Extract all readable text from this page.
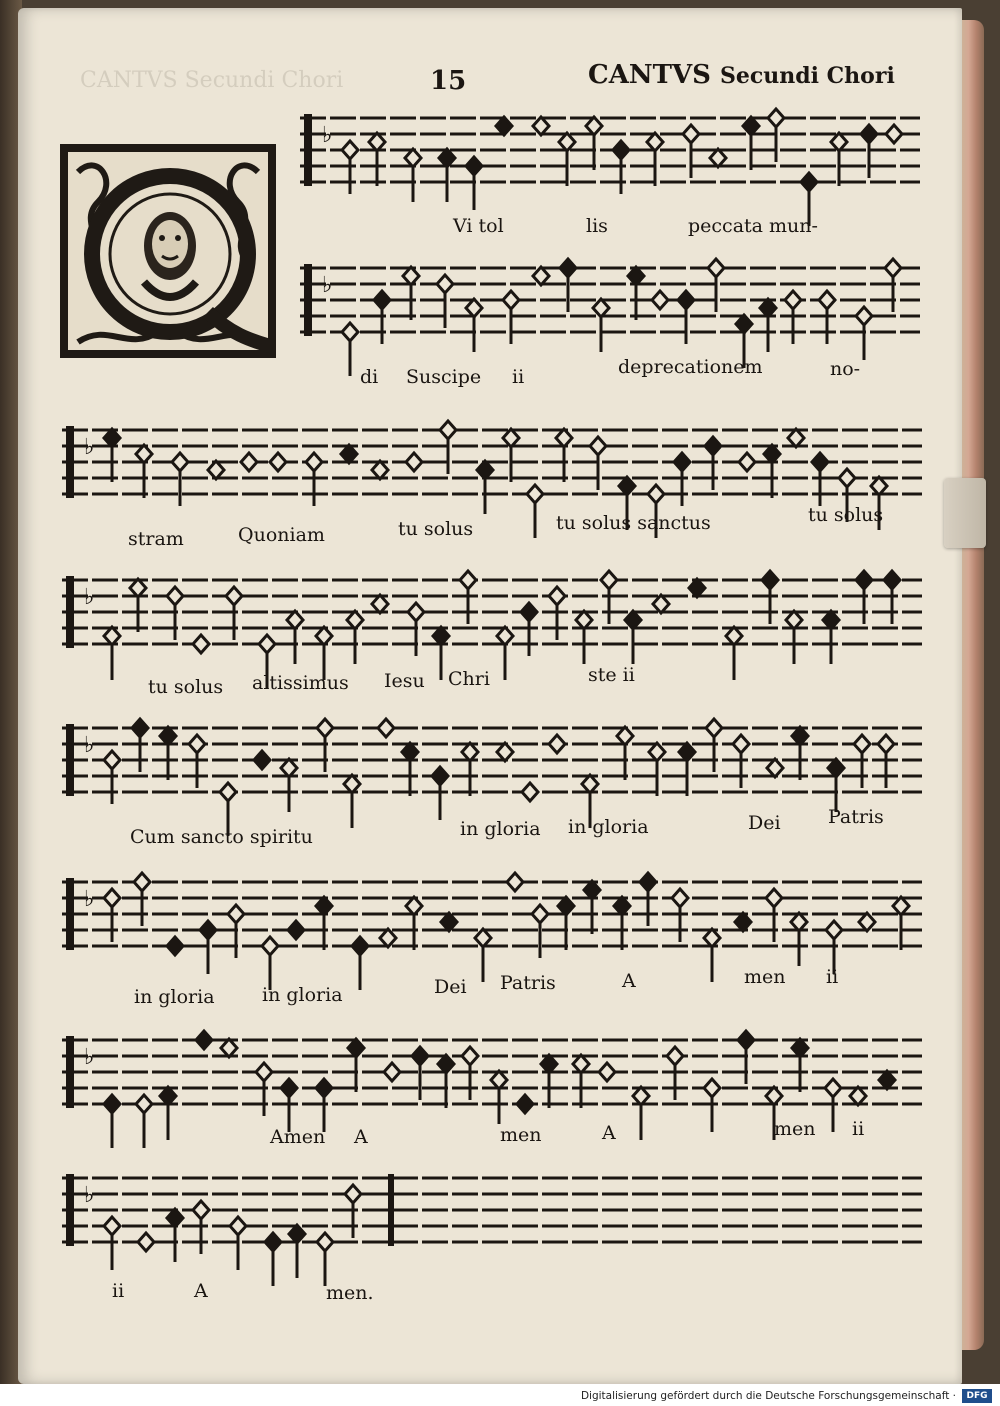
CANTVS Secundi Chori	15	CANTVS Secundi Chori
♭
♭
♭
♭
♭
♭
♭
♭
Vi tol	lis	peccata mun-
di Suscipe ii	deprecationem	no-
stram	Quoniam	tu solus	tu solus sanctus	tu solus
tu solus altissimus Iesu Chri	ste ii
Cum sancto spiritu	in gloria in gloria	Dei Patris
in gloria in gloria	Dei Patris	A	men ii
Amen A	men	A	men ii
ii	A	men.
Digitalisierung gefördert durch die Deutsche Forschungsgemeinschaft ·	DFG
